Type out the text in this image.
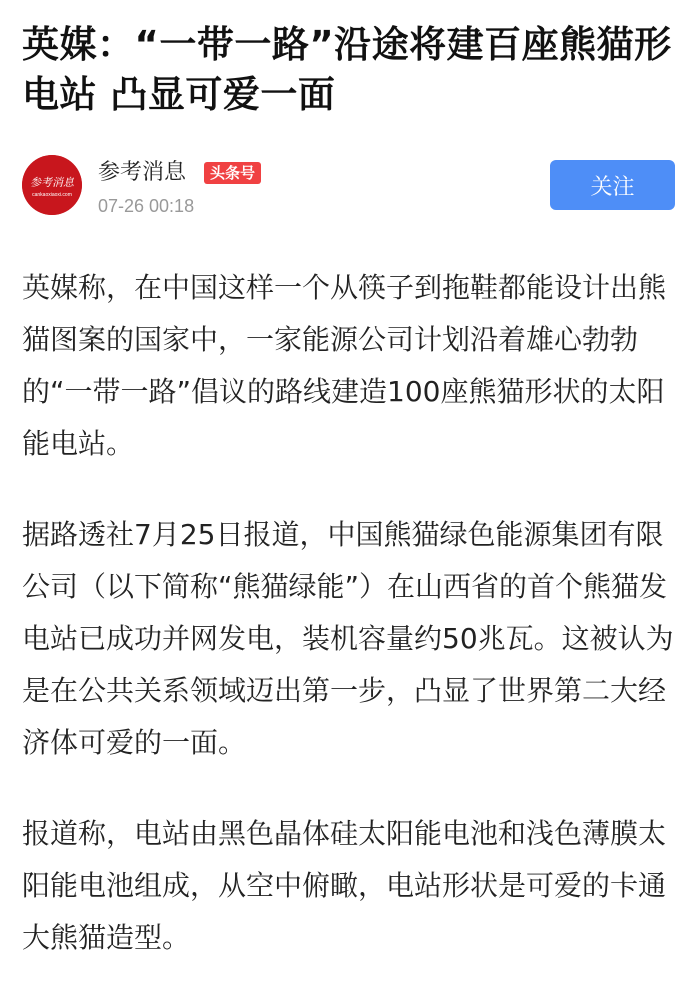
英媒：“一带一路”沿途将建百座熊猫形电站 凸显可爱一面
参考消息
cankaoxiaoxi.com
参考消息	头条号
07-26 00:18
关注

英媒称，在中国这样一个从筷子到拖鞋都能设计出熊猫图案的国家中，一家能源公司计划沿着雄心勃勃的“一带一路”倡议的路线建造100座熊猫形状的太阳能电站。

据路透社7月25日报道，中国熊猫绿色能源集团有限公司（以下简称“熊猫绿能”）在山西省的首个熊猫发电站已成功并网发电，装机容量约50兆瓦。这被认为是在公共关系领域迈出第一步，凸显了世界第二大经济体可爱的一面。

报道称，电站由黑色晶体硅太阳能电池和浅色薄膜太阳能电池组成，从空中俯瞰，电站形状是可爱的卡通大熊猫造型。
